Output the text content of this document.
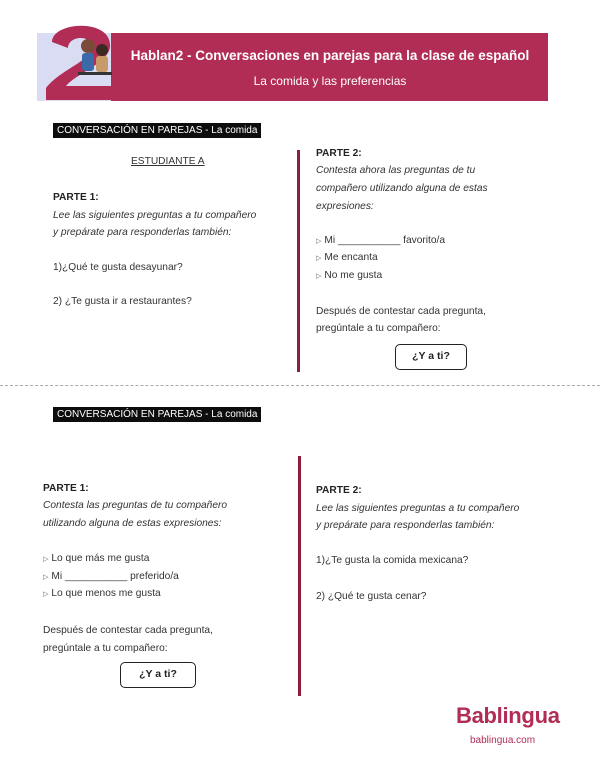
Hablan2 - Conversaciones en parejas para la clase de español
La comida y las preferencias
CONVERSACIÓN EN PAREJAS - La comida
ESTUDIANTE A
PARTE 1:
Lee las siguientes preguntas a tu compañero
y prepárate para responderlas también:
1)¿Qué te gusta desayunar?
2) ¿Te gusta ir a restaurantes?
PARTE 2:
Contesta ahora las preguntas de tu
compañero utilizando alguna de estas
expresiones:
▷ Mi ___________ favorito/a
▷ Me encanta
▷ No me gusta
Después de contestar cada pregunta,
pregúntale a tu compañero:
¿Y a ti?
CONVERSACIÓN EN PAREJAS - La comida
PARTE 1:
Contesta las preguntas de tu compañero
utilizando alguna de estas expresiones:
▷ Lo que más me gusta
▷ Mi ___________ preferido/a
▷ Lo que menos me gusta
Después de contestar cada pregunta,
pregúntale a tu compañero:
¿Y a ti?
PARTE 2:
Lee las siguientes preguntas a tu compañero
y prepárate para responderlas también:
1)¿Te gusta la comida mexicana?
2) ¿Qué te gusta cenar?
Bablingua
bablingua.com
